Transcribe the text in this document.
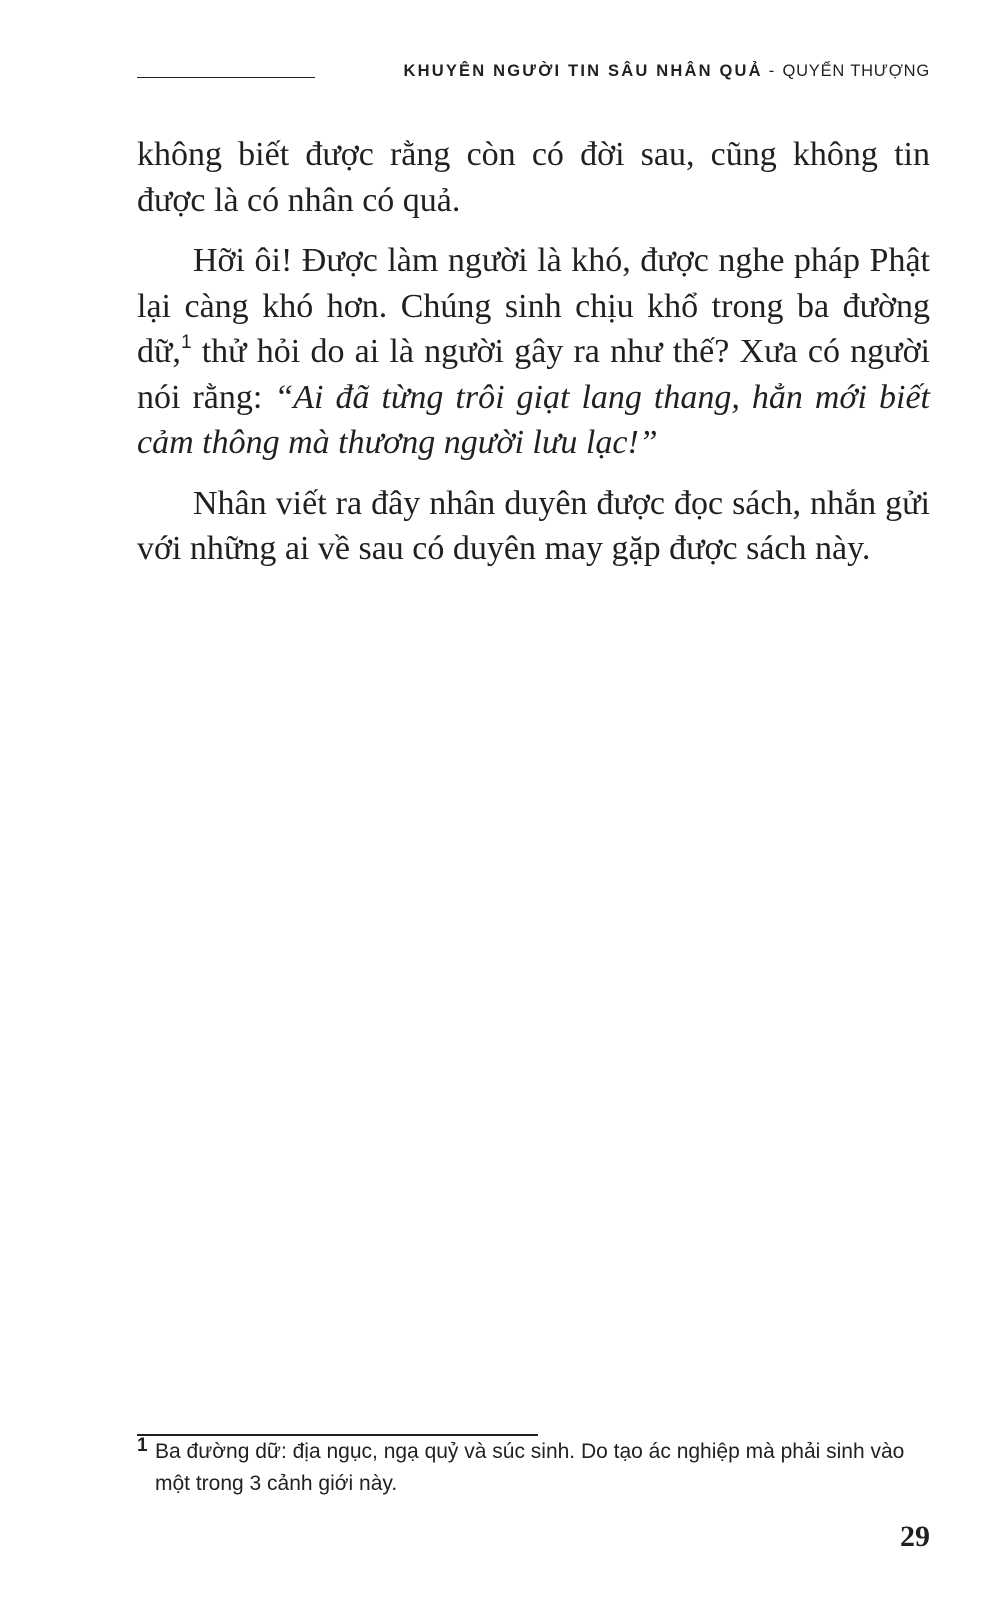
KHUYÊN NGƯỜI TIN SÂU NHÂN QUẢ - QUYỂN THƯỢNG

không biết được rằng còn có đời sau, cũng không tin được là có nhân có quả.

Hỡi ôi! Được làm người là khó, được nghe pháp Phật lại càng khó hơn. Chúng sinh chịu khổ trong ba đường dữ,$^1$ thử hỏi do ai là người gây ra như thế? Xưa có người nói rằng: “Ai đã từng trôi giạt lang thang, hẳn mới biết cảm thông mà thương người lưu lạc!”

Nhân viết ra đây nhân duyên được đọc sách, nhắn gửi với những ai về sau có duyên may gặp được sách này.

1 Ba đường dữ: địa ngục, ngạ quỷ và súc sinh. Do tạo ác nghiệp mà phải sinh vào một trong 3 cảnh giới này.
29
